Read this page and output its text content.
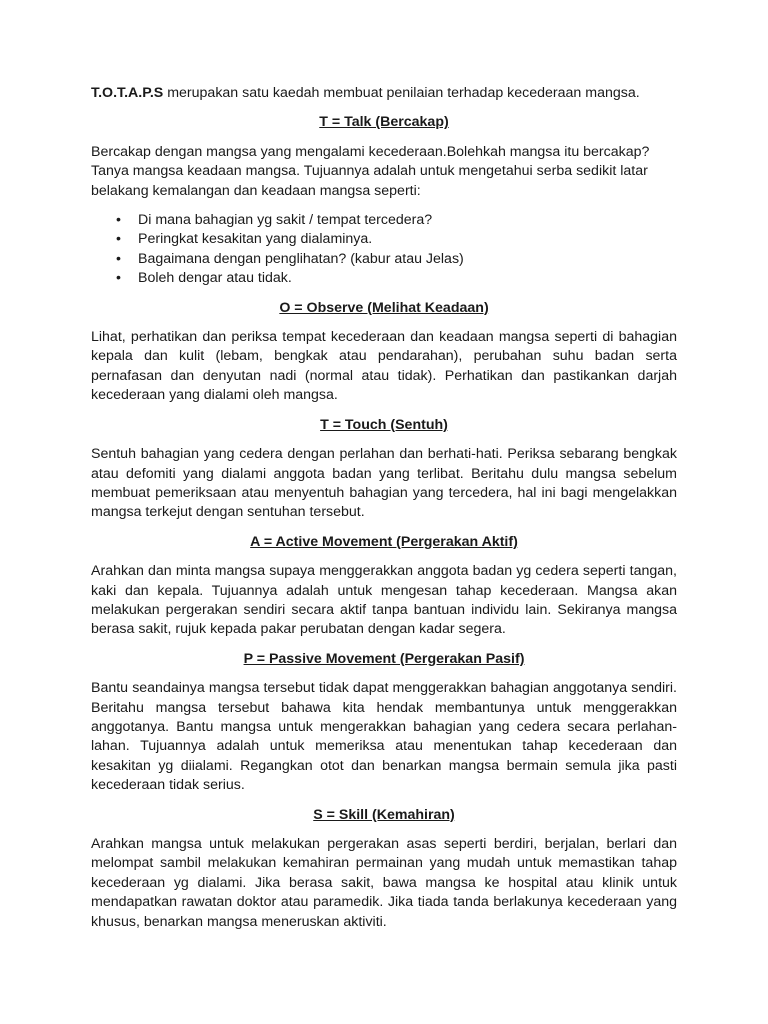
T.O.T.A.P.S merupakan satu kaedah membuat penilaian terhadap kecederaan mangsa.

T = Talk (Bercakap)

Bercakap dengan mangsa yang mengalami kecederaan.Bolehkah mangsa itu bercakap? Tanya mangsa keadaan mangsa. Tujuannya adalah untuk mengetahui serba sedikit latar belakang kemalangan dan keadaan mangsa seperti:

• Di mana bahagian yg sakit / tempat tercedera?
• Peringkat kesakitan yang dialaminya.
• Bagaimana dengan penglihatan? (kabur atau Jelas)
• Boleh dengar atau tidak.
O = Observe (Melihat Keadaan)

Lihat, perhatikan dan periksa tempat kecederaan dan keadaan mangsa seperti di bahagian kepala dan kulit (lebam, bengkak atau pendarahan), perubahan suhu badan serta pernafasan dan denyutan nadi (normal atau tidak). Perhatikan dan pastikankan darjah kecederaan yang dialami oleh mangsa.

T = Touch (Sentuh)

Sentuh bahagian yang cedera dengan perlahan dan berhati-hati. Periksa sebarang bengkak atau defomiti yang dialami anggota badan yang terlibat. Beritahu dulu mangsa sebelum membuat pemeriksaan atau menyentuh bahagian yang tercedera, hal ini bagi mengelakkan mangsa terkejut dengan sentuhan tersebut.

A = Active Movement (Pergerakan Aktif)

Arahkan dan minta mangsa supaya menggerakkan anggota badan yg cedera seperti tangan, kaki dan kepala. Tujuannya adalah untuk mengesan tahap kecederaan. Mangsa akan melakukan pergerakan sendiri secara aktif tanpa bantuan individu lain. Sekiranya mangsa berasa sakit, rujuk kepada pakar perubatan dengan kadar segera.

P = Passive Movement (Pergerakan Pasif)

Bantu seandainya mangsa tersebut tidak dapat menggerakkan bahagian anggotanya sendiri. Beritahu mangsa tersebut bahawa kita hendak membantunya untuk menggerakkan anggotanya. Bantu mangsa untuk mengerakkan bahagian yang cedera secara perlahan-lahan. Tujuannya adalah untuk memeriksa atau menentukan tahap kecederaan dan kesakitan yg diialami. Regangkan otot dan benarkan mangsa bermain semula jika pasti kecederaan tidak serius.

S = Skill (Kemahiran)

Arahkan mangsa untuk melakukan pergerakan asas seperti berdiri, berjalan, berlari dan melompat sambil melakukan kemahiran permainan yang mudah untuk memastikan tahap kecederaan yg dialami. Jika berasa sakit, bawa mangsa ke hospital atau klinik untuk mendapatkan rawatan doktor atau paramedik. Jika tiada tanda berlakunya kecederaan yang khusus, benarkan mangsa meneruskan aktiviti.
